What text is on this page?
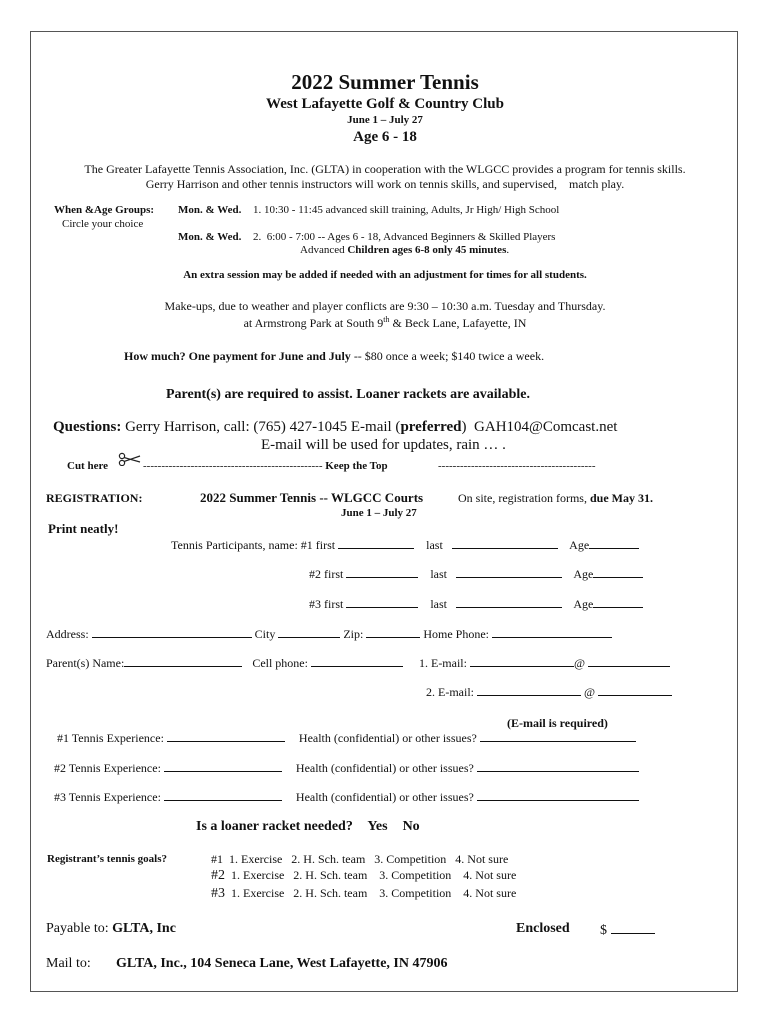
2022 Summer Tennis
West Lafayette Golf & Country Club
June 1 – July 27
Age 6 - 18
The Greater Lafayette Tennis Association, Inc. (GLTA) in cooperation with the WLGCC provides a program for tennis skills.
Gerry Harrison and other tennis instructors will work on tennis skills, and supervised,    match play.
When &Age Groups:
Circle your choice
Mon. & Wed. 1. 10:30 - 11:45 advanced skill training, Adults, Jr High/ High School
Mon. & Wed. 2.  6:00 - 7:00 -- Ages 6 - 18, Advanced Beginners & Skilled Players
Advanced Children ages 6-8 only 45 minutes.
An extra session may be added if needed with an adjustment for times for all students.
Make-ups, due to weather and player conflicts are 9:30 – 10:30 a.m. Tuesday and Thursday.
at Armstrong Park at South 9th & Beck Lane, Lafayette, IN
How much? One payment for June and July -- $80 once a week; $140 twice a week.
Parent(s) are required to assist. Loaner rackets are available.
Questions: Gerry Harrison, call: (765) 427-1045 E-mail (preferred)  GAH104@Comcast.net
E-mail will be used for updates, rain … .
Cut here	------------------------------------------------- Keep the Top	-------------------------------------------
REGISTRATION:	2022 Summer Tennis -- WLGCC Courts	On site, registration forms, due May 31.
June 1 – July 27
Print neatly!
Tennis Participants, name: #1 first	last	Age
#2 first	last	Age
#3 first	last	Age
Address:	City	Zip:	Home Phone:
Parent(s) Name:	Cell phone:	1. E-mail:	@
2. E-mail:	@
(E-mail is required)
#1 Tennis Experience:	Health (confidential) or other issues?
#2 Tennis Experience:	Health (confidential) or other issues?
#3 Tennis Experience:	Health (confidential) or other issues?
Is a loaner racket needed? Yes No
Registrant’s tennis goals?	#1 1. Exercise   2. H. Sch. team   3. Competition   4. Not sure
#2 1. Exercise   2. H. Sch. team    3. Competition    4. Not sure
#3 1. Exercise   2. H. Sch. team    3. Competition    4. Not sure
Payable to: GLTA, Inc	Enclosed $
Mail to: GLTA, Inc., 104 Seneca Lane, West Lafayette, IN 47906
